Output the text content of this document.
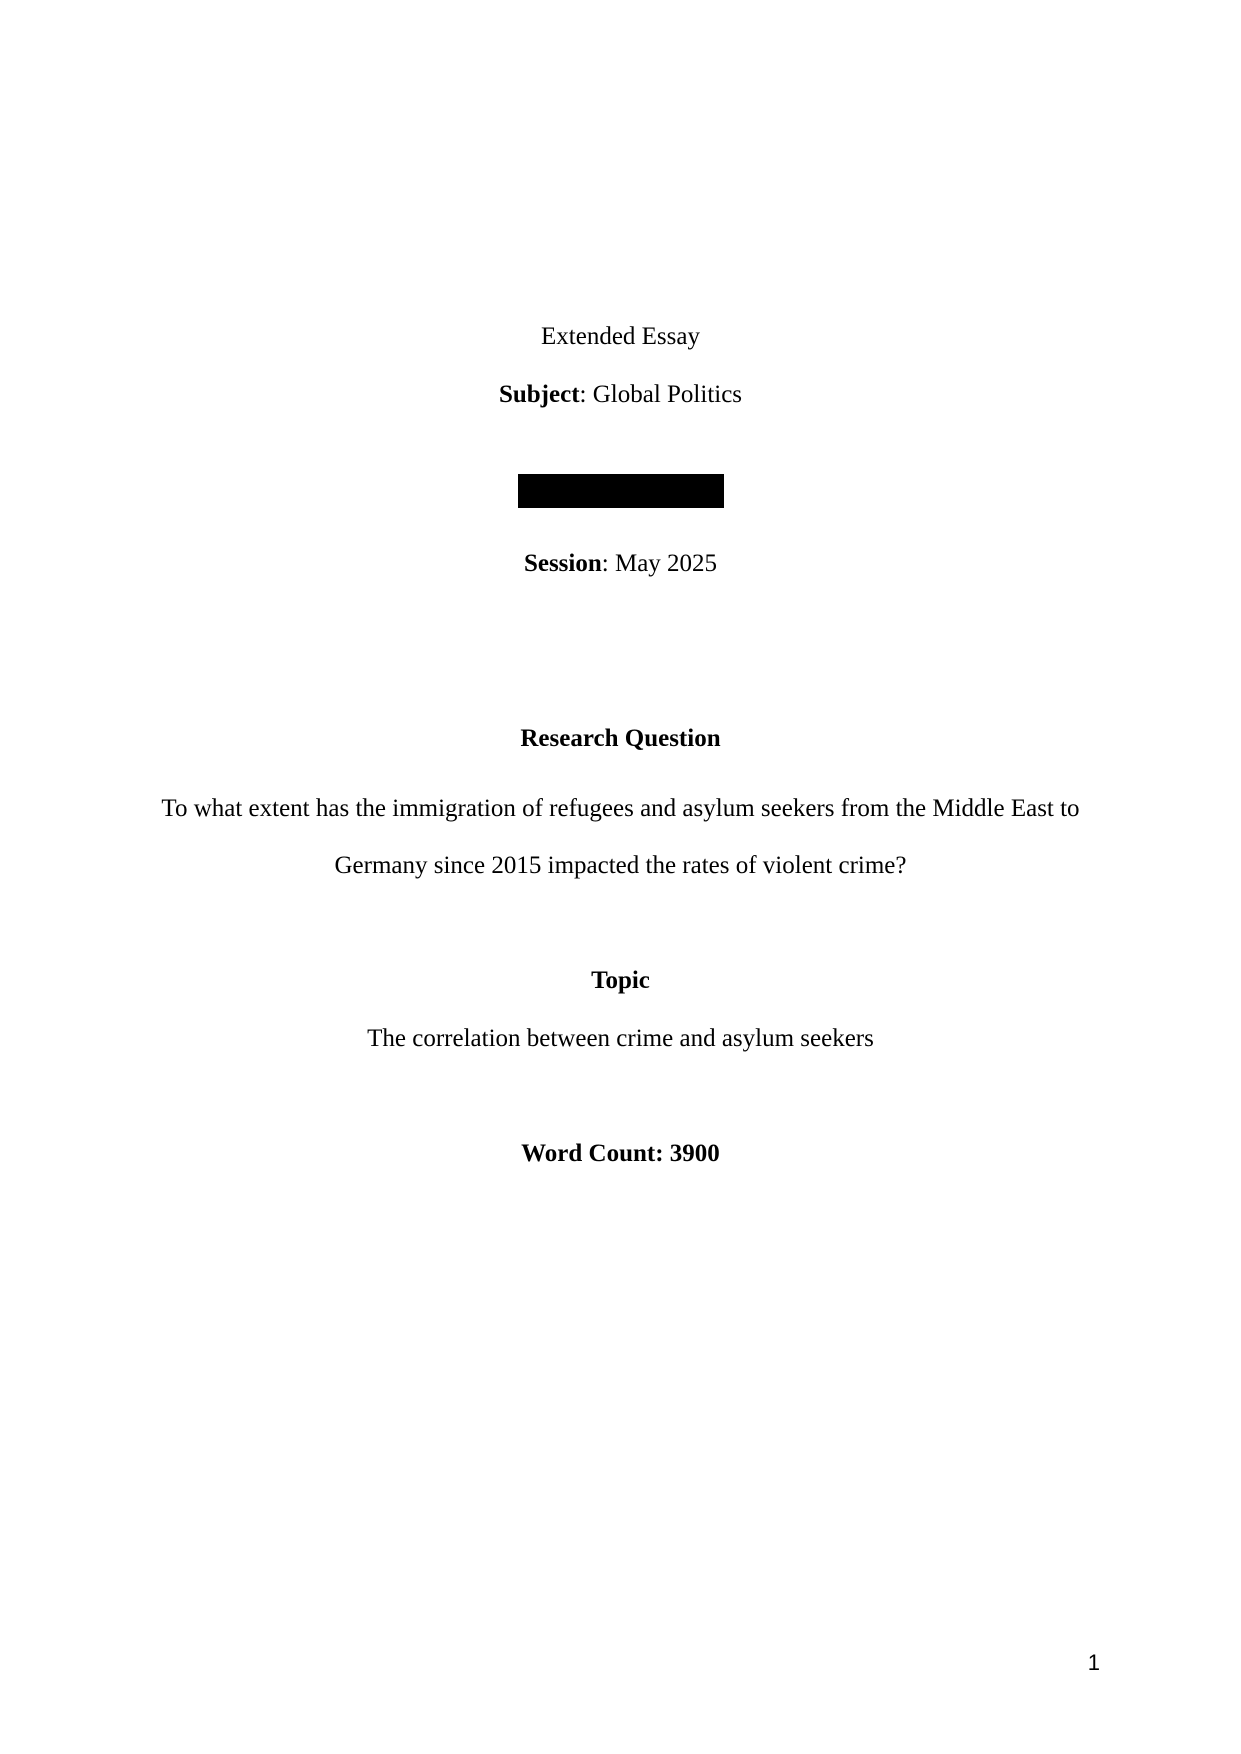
Extended Essay
Subject: Global Politics
Session: May 2025
Research Question
To what extent has the immigration of refugees and asylum seekers from the Middle East to
Germany since 2015 impacted the rates of violent crime?
Topic
The correlation between crime and asylum seekers
Word Count: 3900
1
